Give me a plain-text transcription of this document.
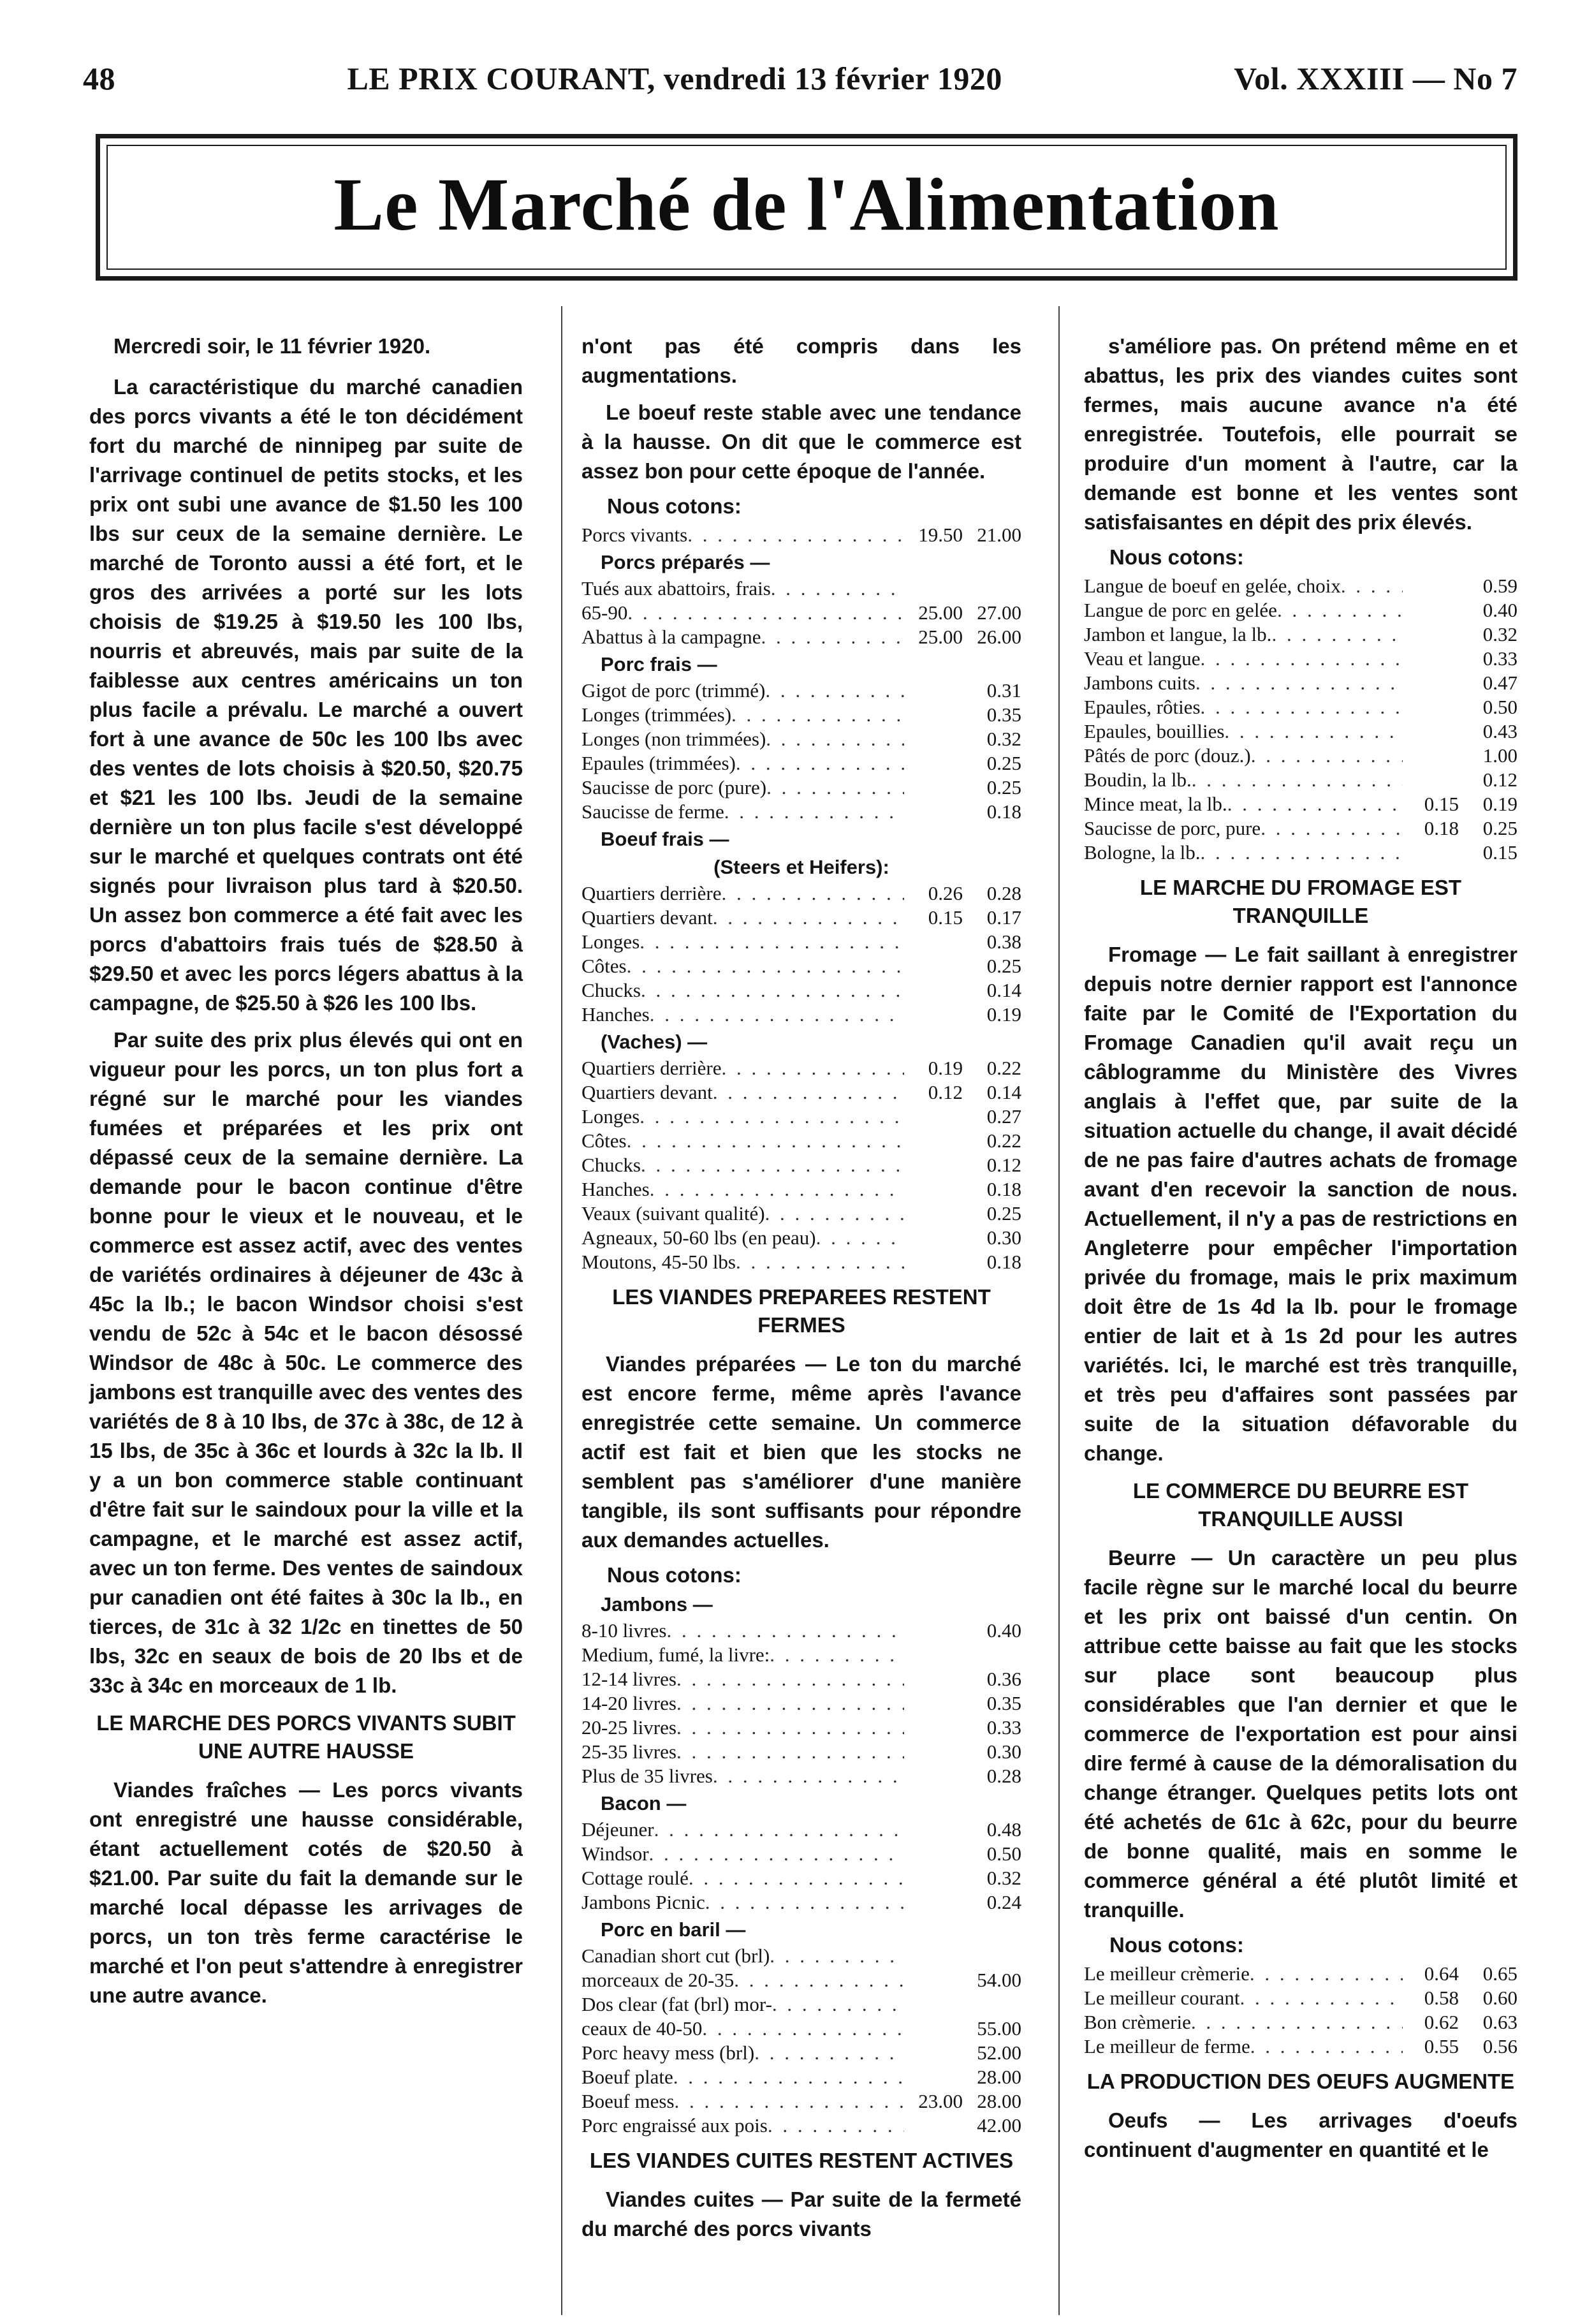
48	LE PRIX COURANT, vendredi 13 février 1920	Vol. XXXIII — No 7
Le Marché de l'Alimentation
Mercredi soir, le 11 février 1920.

La caractéristique du marché canadien des porcs vivants a été le ton décidément fort du marché de ninnipeg par suite de l'arrivage continuel de petits stocks, et les prix ont subi une avance de $1.50 les 100 lbs sur ceux de la semaine dernière. Le marché de Toronto aussi a été fort, et le gros des arrivées a porté sur les lots choisis de $19.25 à $19.50 les 100 lbs, nourris et abreuvés, mais par suite de la faiblesse aux centres américains un ton plus facile a prévalu. Le marché a ouvert fort à une avance de 50c les 100 lbs avec des ventes de lots choisis à $20.50, $20.75 et $21 les 100 lbs. Jeudi de la semaine dernière un ton plus facile s'est développé sur le marché et quelques contrats ont été signés pour livraison plus tard à $20.50. Un assez bon commerce a été fait avec les porcs d'abattoirs frais tués de $28.50 à $29.50 et avec les porcs légers abattus à la campagne, de $25.50 à $26 les 100 lbs.

Par suite des prix plus élevés qui ont en vigueur pour les porcs, un ton plus fort a régné sur le marché pour les viandes fumées et préparées et les prix ont dépassé ceux de la semaine dernière. La demande pour le bacon continue d'être bonne pour le vieux et le nouveau, et le commerce est assez actif, avec des ventes de variétés ordinaires à déjeuner de 43c à 45c la lb.; le bacon Windsor choisi s'est vendu de 52c à 54c et le bacon désossé Windsor de 48c à 50c. Le commerce des jambons est tranquille avec des ventes des variétés de 8 à 10 lbs, de 37c à 38c, de 12 à 15 lbs, de 35c à 36c et lourds à 32c la lb. Il y a un bon commerce stable continuant d'être fait sur le saindoux pour la ville et la campagne, et le marché est assez actif, avec un ton ferme. Des ventes de saindoux pur canadien ont été faites à 30c la lb., en tierces, de 31c à 32 1/2c en tinettes de 50 lbs, 32c en seaux de bois de 20 lbs et de 33c à 34c en morceaux de 1 lb.

LE MARCHE DES PORCS VIVANTS SUBIT UNE AUTRE HAUSSE

Viandes fraîches — Les porcs vivants ont enregistré une hausse considérable, étant actuellement cotés de $20.50 à $21.00. Par suite du fait la demande sur le marché local dépasse les arrivages de porcs, un ton très ferme caractérise le marché et l'on peut s'attendre à enregistrer une autre avance.

n'ont pas été compris dans les augmentations.

Le boeuf reste stable avec une tendance à la hausse. On dit que le commerce est assez bon pour cette époque de l'année.

Nous cotons:
Porcs vivants . . .	19.50 21.00
Porcs préparés —
Tués aux abattoirs, frais
. . .
65-90 . . .	25.00 27.00
Abattus à la campagne . . .	25.00 26.00
Porc frais —
Gigot de porc (trimmé) . . .	0.31
Longes (trimmées) . . .	0.35
Longes (non trimmées) . . .	0.32
Epaules (trimmées) . . .	0.25
Saucisse de porc (pure) . . .	0.25
Saucisse de ferme . . .	0.18
Boeuf frais —
(Steers et Heifers):
Quartiers derrière . . .	0.26	0.28
Quartiers devant . . .	0.15	0.17
Longes . . .	0.38
Côtes . . .	0.25
Chucks . . .	0.14
Hanches . . .	0.19
(Vaches) —
Quartiers derrière . . .	0.19	0.22
Quartiers devant . . .	0.12	0.14
Longes . . .	0.27
Côtes . . .	0.22
Chucks . . .	0.12
Hanches . . .	0.18
Veaux (suivant qualité) . . .	0.25
Agneaux, 50-60 lbs (en peau) . . .	0.30
Moutons, 45-50 lbs . . .	0.18
LES VIANDES PREPAREES RESTENT FERMES

Viandes préparées — Le ton du marché est encore ferme, même après l'avance enregistrée cette semaine. Un commerce actif est fait et bien que les stocks ne semblent pas s'améliorer d'une manière tangible, ils sont suffisants pour répondre aux demandes actuelles.

Nous cotons:
Jambons —
8-10 livres . . .	0.40
Medium, fumé, la livre:
. . .
12-14 livres . . .	0.36
14-20 livres . . .	0.35
20-25 livres . . .	0.33
25-35 livres . . .	0.30
Plus de 35 livres . . .	0.28
Bacon —
Déjeuner . . .	0.48
Windsor . . .	0.50
Cottage roulé . . .	0.32
Jambons Picnic . . .	0.24
Porc en baril —
Canadian short cut (brl)
. . .
morceaux de 20-35 . . .	54.00
Dos clear (fat (brl) mor-
. . .
ceaux de 40-50 . . .	55.00
Porc heavy mess (brl) . . .	52.00
Boeuf plate . . .	28.00
Boeuf mess . . .	23.00 28.00
Porc engraissé aux pois . . .	42.00
LES VIANDES CUITES RESTENT ACTIVES

Viandes cuites — Par suite de la fermeté du marché des porcs vivants

s'améliore pas. On prétend même en et abattus, les prix des viandes cuites sont fermes, mais aucune avance n'a été enregistrée. Toutefois, elle pourrait se produire d'un moment à l'autre, car la demande est bonne et les ventes sont satisfaisantes en dépit des prix élevés.

Nous cotons:
Langue de boeuf en gelée, choix . . .	0.59
Langue de porc en gelée . . .	0.40
Jambon et langue, la lb. . . .	0.32
Veau et langue . . .	0.33
Jambons cuits . . .	0.47
Epaules, rôties . . .	0.50
Epaules, bouillies . . .	0.43
Pâtés de porc (douz.) . . .	1.00
Boudin, la lb. . . .	0.12
Mince meat, la lb. . . .	0.15	0.19
Saucisse de porc, pure . . .	0.18	0.25
Bologne, la lb. . . .	0.15
LE MARCHE DU FROMAGE EST TRANQUILLE

Fromage — Le fait saillant à enregistrer depuis notre dernier rapport est l'annonce faite par le Comité de l'Exportation du Fromage Canadien qu'il avait reçu un câblogramme du Ministère des Vivres anglais à l'effet que, par suite de la situation actuelle du change, il avait décidé de ne pas faire d'autres achats de fromage avant d'en recevoir la sanction de nous. Actuellement, il n'y a pas de restrictions en Angleterre pour empêcher l'importation privée du fromage, mais le prix maximum doit être de 1s 4d la lb. pour le fromage entier de lait et à 1s 2d pour les autres variétés. Ici, le marché est très tranquille, et très peu d'affaires sont passées par suite de la situation défavorable du change.

LE COMMERCE DU BEURRE EST TRANQUILLE AUSSI

Beurre — Un caractère un peu plus facile règne sur le marché local du beurre et les prix ont baissé d'un centin. On attribue cette baisse au fait que les stocks sur place sont beaucoup plus considérables que l'an dernier et que le commerce de l'exportation est pour ainsi dire fermé à cause de la démoralisation du change étranger. Quelques petits lots ont été achetés de 61c à 62c, pour du beurre de bonne qualité, mais en somme le commerce général a été plutôt limité et tranquille.

Nous cotons:
Le meilleur crèmerie . . .	0.64	0.65
Le meilleur courant . . .	0.58	0.60
Bon crèmerie . . .	0.62	0.63
Le meilleur de ferme . . .	0.55	0.56
LA PRODUCTION DES OEUFS AUGMENTE

Oeufs — Les arrivages d'oeufs continuent d'augmenter en quantité et le
